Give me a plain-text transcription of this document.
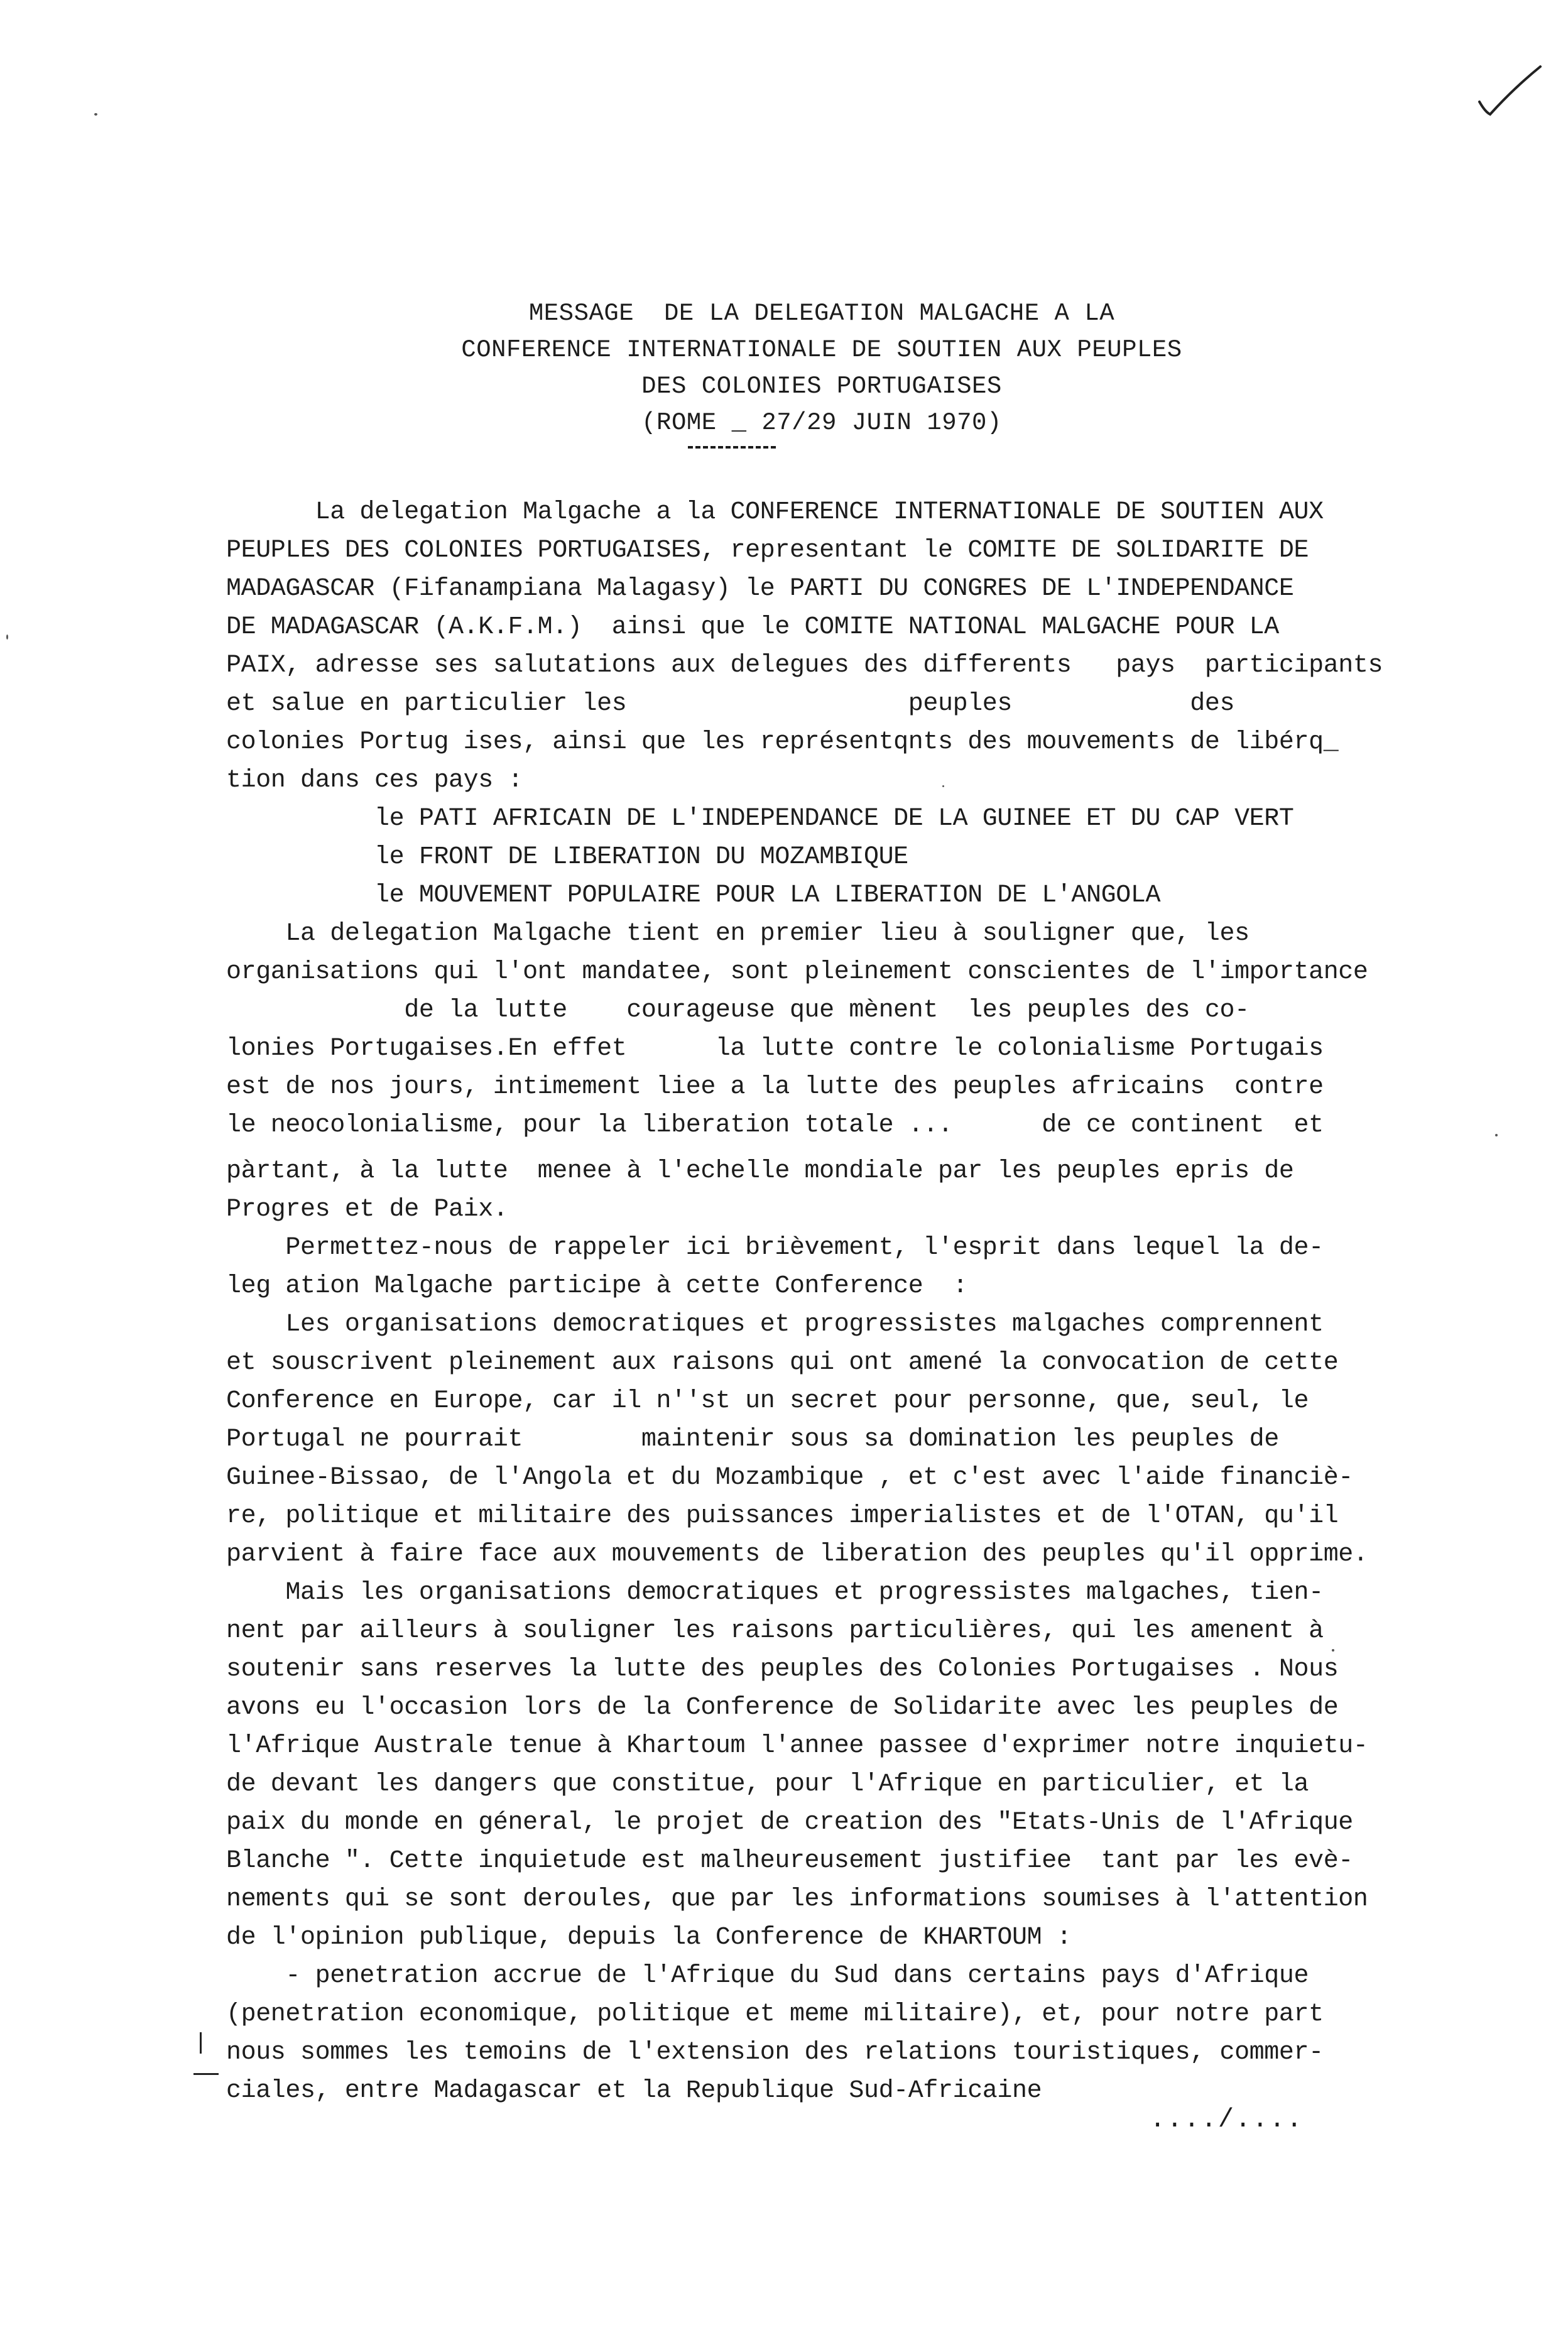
MESSAGE  DE LA DELEGATION MALGACHE A LA
CONFERENCE INTERNATIONALE DE SOUTIEN AUX PEUPLES
DES COLONIES PORTUGAISES
(ROME _ 27/29 JUIN 1970)
La delegation Malgache a la CONFERENCE INTERNATIONALE DE SOUTIEN AUX
PEUPLES DES COLONIES PORTUGAISES, representant le COMITE DE SOLIDARITE DE
MADAGASCAR (Fifanampiana Malagasy) le PARTI DU CONGRES DE L'INDEPENDANCE
DE MADAGASCAR (A.K.F.M.)  ainsi que le COMITE NATIONAL MALGACHE POUR LA
PAIX, adresse ses salutations aux delegues des differents   pays  participants
et salue en particulier les                   peuples            des
colonies Portug ises, ainsi que les représentqnts des mouvements de libérq_
tion dans ces pays :
le PATI AFRICAIN DE L'INDEPENDANCE DE LA GUINEE ET DU CAP VERT
le FRONT DE LIBERATION DU MOZAMBIQUE
le MOUVEMENT POPULAIRE POUR LA LIBERATION DE L'ANGOLA
La delegation Malgache tient en premier lieu à souligner que, les
organisations qui l'ont mandatee, sont pleinement conscientes de l'importance
de la lutte    courageuse que mènent  les peuples des co-
lonies Portugaises.En effet      la lutte contre le colonialisme Portugais
est de nos jours, intimement liee a la lutte des peuples africains  contre
le neocolonialisme, pour la liberation totale ...      de ce continent  et
pàrtant, à la lutte  menee à l'echelle mondiale par les peuples epris de
Progres et de Paix.
Permettez-nous de rappeler ici brièvement, l'esprit dans lequel la de-
leg ation Malgache participe à cette Conference  :
Les organisations democratiques et progressistes malgaches comprennent
et souscrivent pleinement aux raisons qui ont amené la convocation de cette
Conference en Europe, car il n''st un secret pour personne, que, seul, le
Portugal ne pourrait        maintenir sous sa domination les peuples de
Guinee-Bissao, de l'Angola et du Mozambique , et c'est avec l'aide financiè-
re, politique et militaire des puissances imperialistes et de l'OTAN, qu'il
parvient à faire face aux mouvements de liberation des peuples qu'il opprime.
Mais les organisations democratiques et progressistes malgaches, tien-
nent par ailleurs à souligner les raisons particulières, qui les amenent à
soutenir sans reserves la lutte des peuples des Colonies Portugaises . Nous
avons eu l'occasion lors de la Conference de Solidarite avec les peuples de
l'Afrique Australe tenue à Khartoum l'annee passee d'exprimer notre inquietu-
de devant les dangers que constitue, pour l'Afrique en particulier, et la
paix du monde en géneral, le projet de creation des "Etats-Unis de l'Afrique
Blanche ". Cette inquietude est malheureusement justifiee  tant par les evè-
nements qui se sont deroules, que par les informations soumises à l'attention
de l'opinion publique, depuis la Conference de KHARTOUM :
- penetration accrue de l'Afrique du Sud dans certains pays d'Afrique
(penetration economique, politique et meme militaire), et, pour notre part
nous sommes les temoins de l'extension des relations touristiques, commer-
ciales, entre Madagascar et la Republique Sud-Africaine
..../....
